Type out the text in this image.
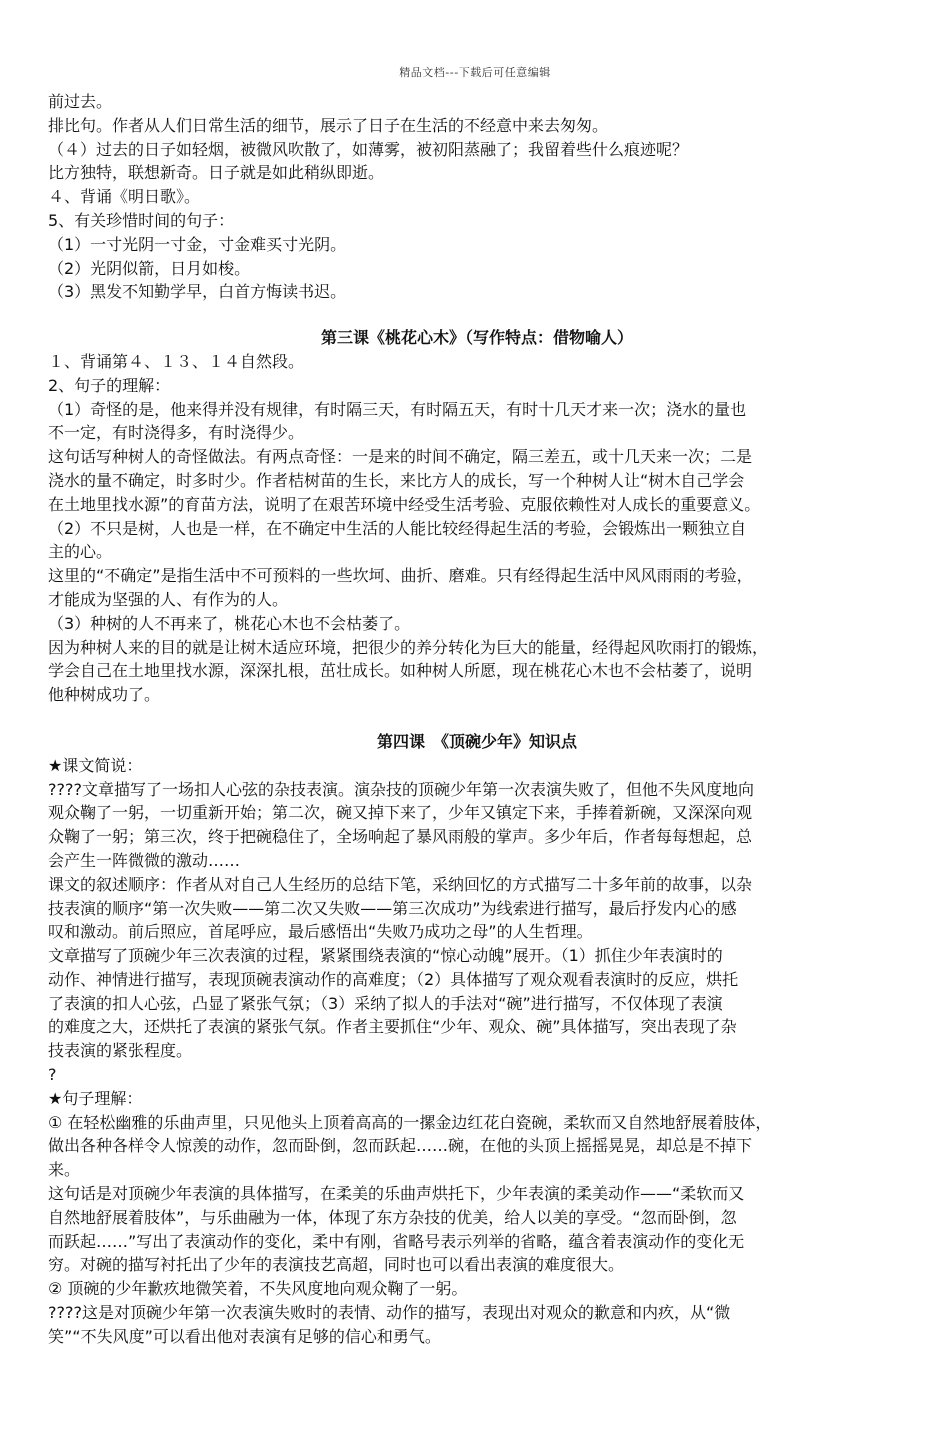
精品文档---下载后可任意编辑
前过去。
排比句。作者从人们日常生活的细节，展示了日子在生活的不经意中来去匆匆。
（４）过去的日子如轻烟，被微风吹散了，如薄雾，被初阳蒸融了；我留着些什么痕迹呢？
比方独特，联想新奇。日子就是如此稍纵即逝。
４、背诵《明日歌》。
5、有关珍惜时间的句子：
（1）一寸光阴一寸金，寸金难买寸光阴。
（2）光阴似箭，日月如梭。
（3）黑发不知勤学早，白首方悔读书迟。
第三课《桃花心木》（写作特点：借物喻人）
１、背诵第４、１３、１４自然段。
2、句子的理解：
（1）奇怪的是，他来得并没有规律，有时隔三天，有时隔五天，有时十几天才来一次；浇水的量也
不一定，有时浇得多，有时浇得少。
这句话写种树人的奇怪做法。有两点奇怪：一是来的时间不确定，隔三差五，或十几天来一次；二是
浇水的量不确定，时多时少。作者桔树苗的生长，来比方人的成长，写一个种树人让“树木自己学会
在土地里找水源”的育苗方法，说明了在艰苦环境中经受生活考验、克服依赖性对人成长的重要意义。
（2）不只是树，人也是一样，在不确定中生活的人能比较经得起生活的考验，会锻炼出一颗独立自
主的心。
这里的“不确定”是指生活中不可预料的一些坎坷、曲折、磨难。只有经得起生活中风风雨雨的考验，
才能成为坚强的人、有作为的人。
（3）种树的人不再来了，桃花心木也不会枯萎了。
因为种树人来的目的就是让树木适应环境，把很少的养分转化为巨大的能量，经得起风吹雨打的锻炼，
学会自己在土地里找水源，深深扎根，茁壮成长。如种树人所愿，现在桃花心木也不会枯萎了，说明
他种树成功了。
第四课　《顶碗少年》知识点
★课文简说：
????文章描写了一场扣人心弦的杂技表演。演杂技的顶碗少年第一次表演失败了，但他不失风度地向
观众鞠了一躬，一切重新开始；第二次，碗又掉下来了，少年又镇定下来，手捧着新碗，又深深向观
众鞠了一躬；第三次，终于把碗稳住了，全场响起了暴风雨般的掌声。多少年后，作者每每想起，总
会产生一阵微微的激动……
课文的叙述顺序：作者从对自己人生经历的总结下笔，采纳回忆的方式描写二十多年前的故事，以杂
技表演的顺序“第一次失败——第二次又失败——第三次成功”为线索进行描写，最后抒发内心的感
叹和激动。前后照应，首尾呼应，最后感悟出“失败乃成功之母”的人生哲理。
文章描写了顶碗少年三次表演的过程，紧紧围绕表演的“惊心动魄”展开。（1）抓住少年表演时的
动作、神情进行描写，表现顶碗表演动作的高难度；（2）具体描写了观众观看表演时的反应，烘托
了表演的扣人心弦，凸显了紧张气氛；（3）采纳了拟人的手法对“碗”进行描写，不仅体现了表演
的难度之大，还烘托了表演的紧张气氛。作者主要抓住“少年、观众、碗”具体描写，突出表现了杂
技表演的紧张程度。
?
★句子理解：
① 在轻松幽雅的乐曲声里，只见他头上顶着高高的一摞金边红花白瓷碗，柔软而又自然地舒展着肢体，
做出各种各样令人惊羡的动作，忽而卧倒，忽而跃起……碗，在他的头顶上摇摇晃晃，却总是不掉下
来。
这句话是对顶碗少年表演的具体描写，在柔美的乐曲声烘托下，少年表演的柔美动作——“柔软而又
自然地舒展着肢体”，与乐曲融为一体，体现了东方杂技的优美，给人以美的享受。“忽而卧倒，忽
而跃起……”写出了表演动作的变化，柔中有刚，省略号表示列举的省略，蕴含着表演动作的变化无
穷。对碗的描写衬托出了少年的表演技艺高超，同时也可以看出表演的难度很大。
② 顶碗的少年歉疚地微笑着，不失风度地向观众鞠了一躬。
????这是对顶碗少年第一次表演失败时的表情、动作的描写，表现出对观众的歉意和内疚，从“微
笑”“不失风度”可以看出他对表演有足够的信心和勇气。
